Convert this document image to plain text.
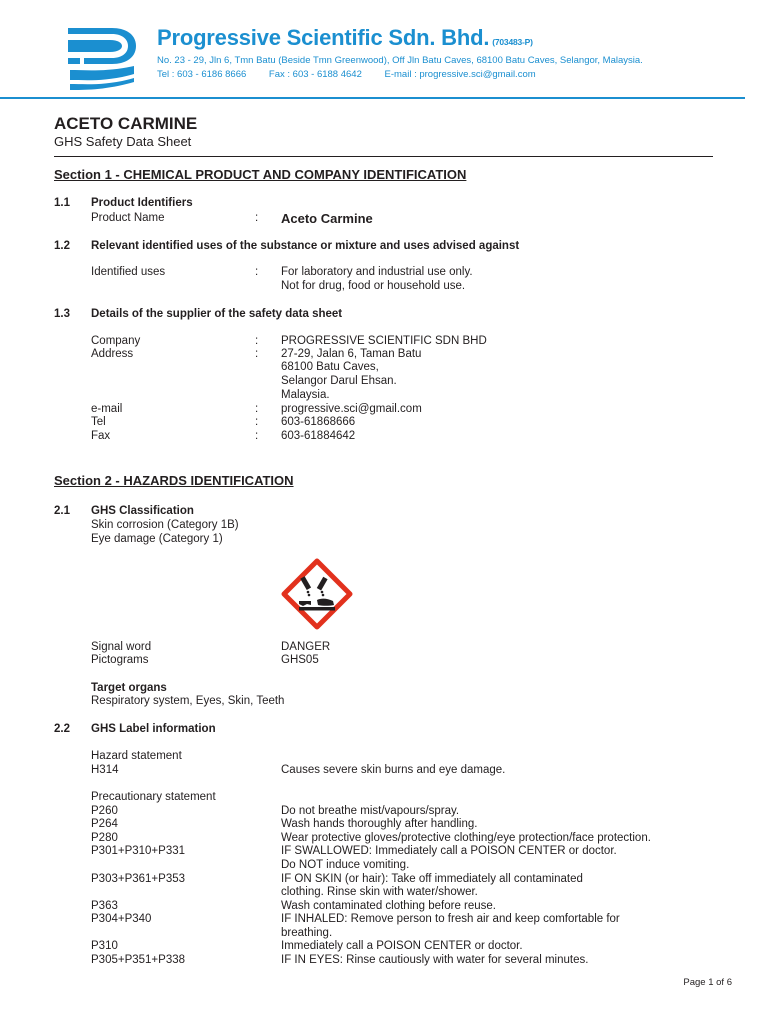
Progressive Scientific Sdn. Bhd. (703483-P)
No. 23 - 29, Jln 6, Tmn Batu (Beside Tmn Greenwood), Off Jln Batu Caves, 68100 Batu Caves, Selangor, Malaysia.
Tel : 603 - 6186 8666 Fax : 603 - 6188 4642 E-mail : progressive.sci@gmail.com
ACETO CARMINE
GHS Safety Data Sheet
Section 1 - CHEMICAL PRODUCT AND COMPANY IDENTIFICATION
1.1 Product Identifiers
Product Name	: Aceto Carmine
1.2 Relevant identified uses of the substance or mixture and uses advised against
Identified uses	: For laboratory and industrial use only.
Not for drug, food or household use.
1.3 Details of the supplier of the safety data sheet
Company	: PROGRESSIVE SCIENTIFIC SDN BHD
Address	: 27-29, Jalan 6, Taman Batu
68100 Batu Caves,
Selangor Darul Ehsan.
Malaysia.
e-mail	: progressive.sci@gmail.com
Tel	: 603-61868666
Fax	: 603-61884642
Section 2 - HAZARDS IDENTIFICATION
2.1 GHS Classification
Skin corrosion (Category 1B)
Eye damage (Category 1)
Signal word	DANGER
Pictograms	GHS05
Target organs
Respiratory system, Eyes, Skin, Teeth
2.2 GHS Label information
Hazard statement
H314	Causes severe skin burns and eye damage.
Precautionary statement
P260	Do not breathe mist/vapours/spray.
P264	Wash hands thoroughly after handling.
P280	Wear protective gloves/protective clothing/eye protection/face protection.
P301+P310+P331	IF SWALLOWED: Immediately call a POISON CENTER or doctor.
Do NOT induce vomiting.
P303+P361+P353	IF ON SKIN (or hair): Take off immediately all contaminated
clothing. Rinse skin with water/shower.
P363	Wash contaminated clothing before reuse.
P304+P340	IF INHALED: Remove person to fresh air and keep comfortable for
breathing.
P310	Immediately call a POISON CENTER or doctor.
P305+P351+P338	IF IN EYES: Rinse cautiously with water for several minutes.
Page 1 of 6
